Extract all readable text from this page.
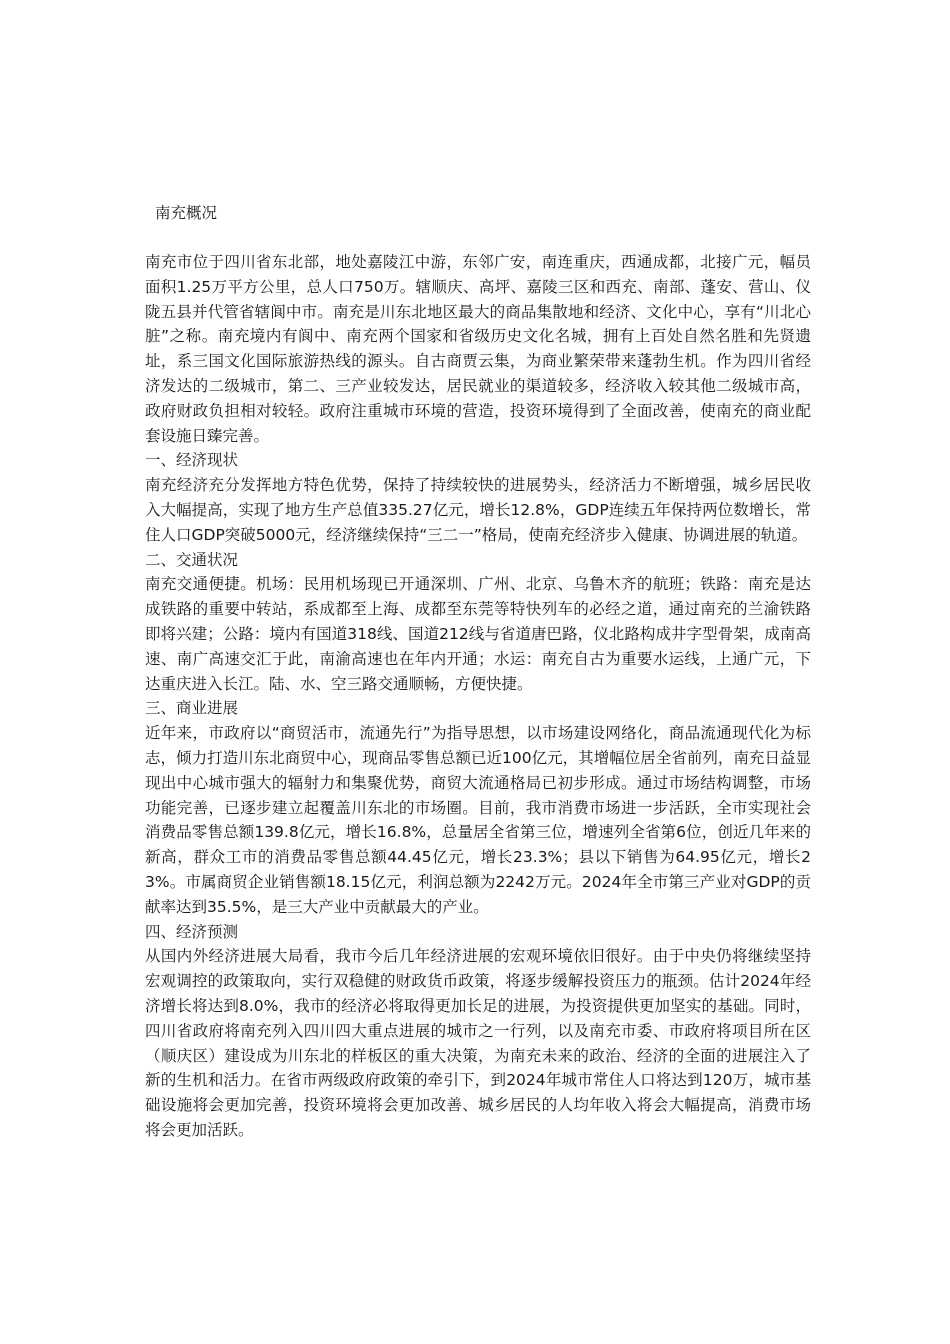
南充概况

南充市位于四川省东北部，地处嘉陵江中游，东邻广安，南连重庆，西通成都，北接广元，幅员面积1.25万平方公里，总人口750万。辖顺庆、高坪、嘉陵三区和西充、南部、蓬安、营山、仪陇五县并代管省辖阆中市。南充是川东北地区最大的商品集散地和经济、文化中心，享有“川北心脏”之称。南充境内有阆中、南充两个国家和省级历史文化名城，拥有上百处自然名胜和先贤遗址，系三国文化国际旅游热线的源头。自古商贾云集，为商业繁荣带来蓬勃生机。作为四川省经济发达的二级城市，第二、三产业较发达，居民就业的渠道较多，经济收入较其他二级城市高，政府财政负担相对较轻。政府注重城市环境的营造，投资环境得到了全面改善，使南充的商业配套设施日臻完善。

一、经济现状

南充经济充分发挥地方特色优势，保持了持续较快的进展势头，经济活力不断增强，城乡居民收入大幅提高，实现了地方生产总值335.27亿元，增长12.8%，GDP连续五年保持两位数增长，常住人口GDP突破5000元，经济继续保持“三二一”格局，使南充经济步入健康、协调进展的轨道。

二、交通状况

南充交通便捷。机场：民用机场现已开通深圳、广州、北京、乌鲁木齐的航班；铁路：南充是达成铁路的重要中转站，系成都至上海、成都至东莞等特快列车的必经之道，通过南充的兰渝铁路即将兴建；公路：境内有国道318线、国道212线与省道唐巴路，仪北路构成井字型骨架，成南高速、南广高速交汇于此，南渝高速也在年内开通；水运：南充自古为重要水运线，上通广元，下达重庆进入长江。陆、水、空三路交通顺畅，方便快捷。

三、商业进展

近年来，市政府以“商贸活市，流通先行”为指导思想，以市场建设网络化，商品流通现代化为标志，倾力打造川东北商贸中心，现商品零售总额已近100亿元，其增幅位居全省前列，南充日益显现出中心城市强大的辐射力和集聚优势，商贸大流通格局已初步形成。通过市场结构调整，市场功能完善，已逐步建立起覆盖川东北的市场圈。目前，我市消费市场进一步活跃，全市实现社会消费品零售总额139.8亿元，增长16.8%，总量居全省第三位，增速列全省第6位，创近几年来的新高，群众工市的消费品零售总额44.45亿元，增长23.3%；县以下销售为64.95亿元，增长23%。市属商贸企业销售额18.15亿元，利润总额为2242万元。2024年全市第三产业对GDP的贡献率达到35.5%，是三大产业中贡献最大的产业。

四、经济预测

从国内外经济进展大局看，我市今后几年经济进展的宏观环境依旧很好。由于中央仍将继续坚持宏观调控的政策取向，实行双稳健的财政货币政策，将逐步缓解投资压力的瓶颈。估计2024年经济增长将达到8.0%，我市的经济必将取得更加长足的进展，为投资提供更加坚实的基础。同时，四川省政府将南充列入四川四大重点进展的城市之一行列，以及南充市委、市政府将项目所在区（顺庆区）建设成为川东北的样板区的重大决策，为南充未来的政治、经济的全面的进展注入了新的生机和活力。在省市两级政府政策的牵引下，到2024年城市常住人口将达到120万，城市基础设施将会更加完善，投资环境将会更加改善、城乡居民的人均年收入将会大幅提高，消费市场将会更加活跃。
